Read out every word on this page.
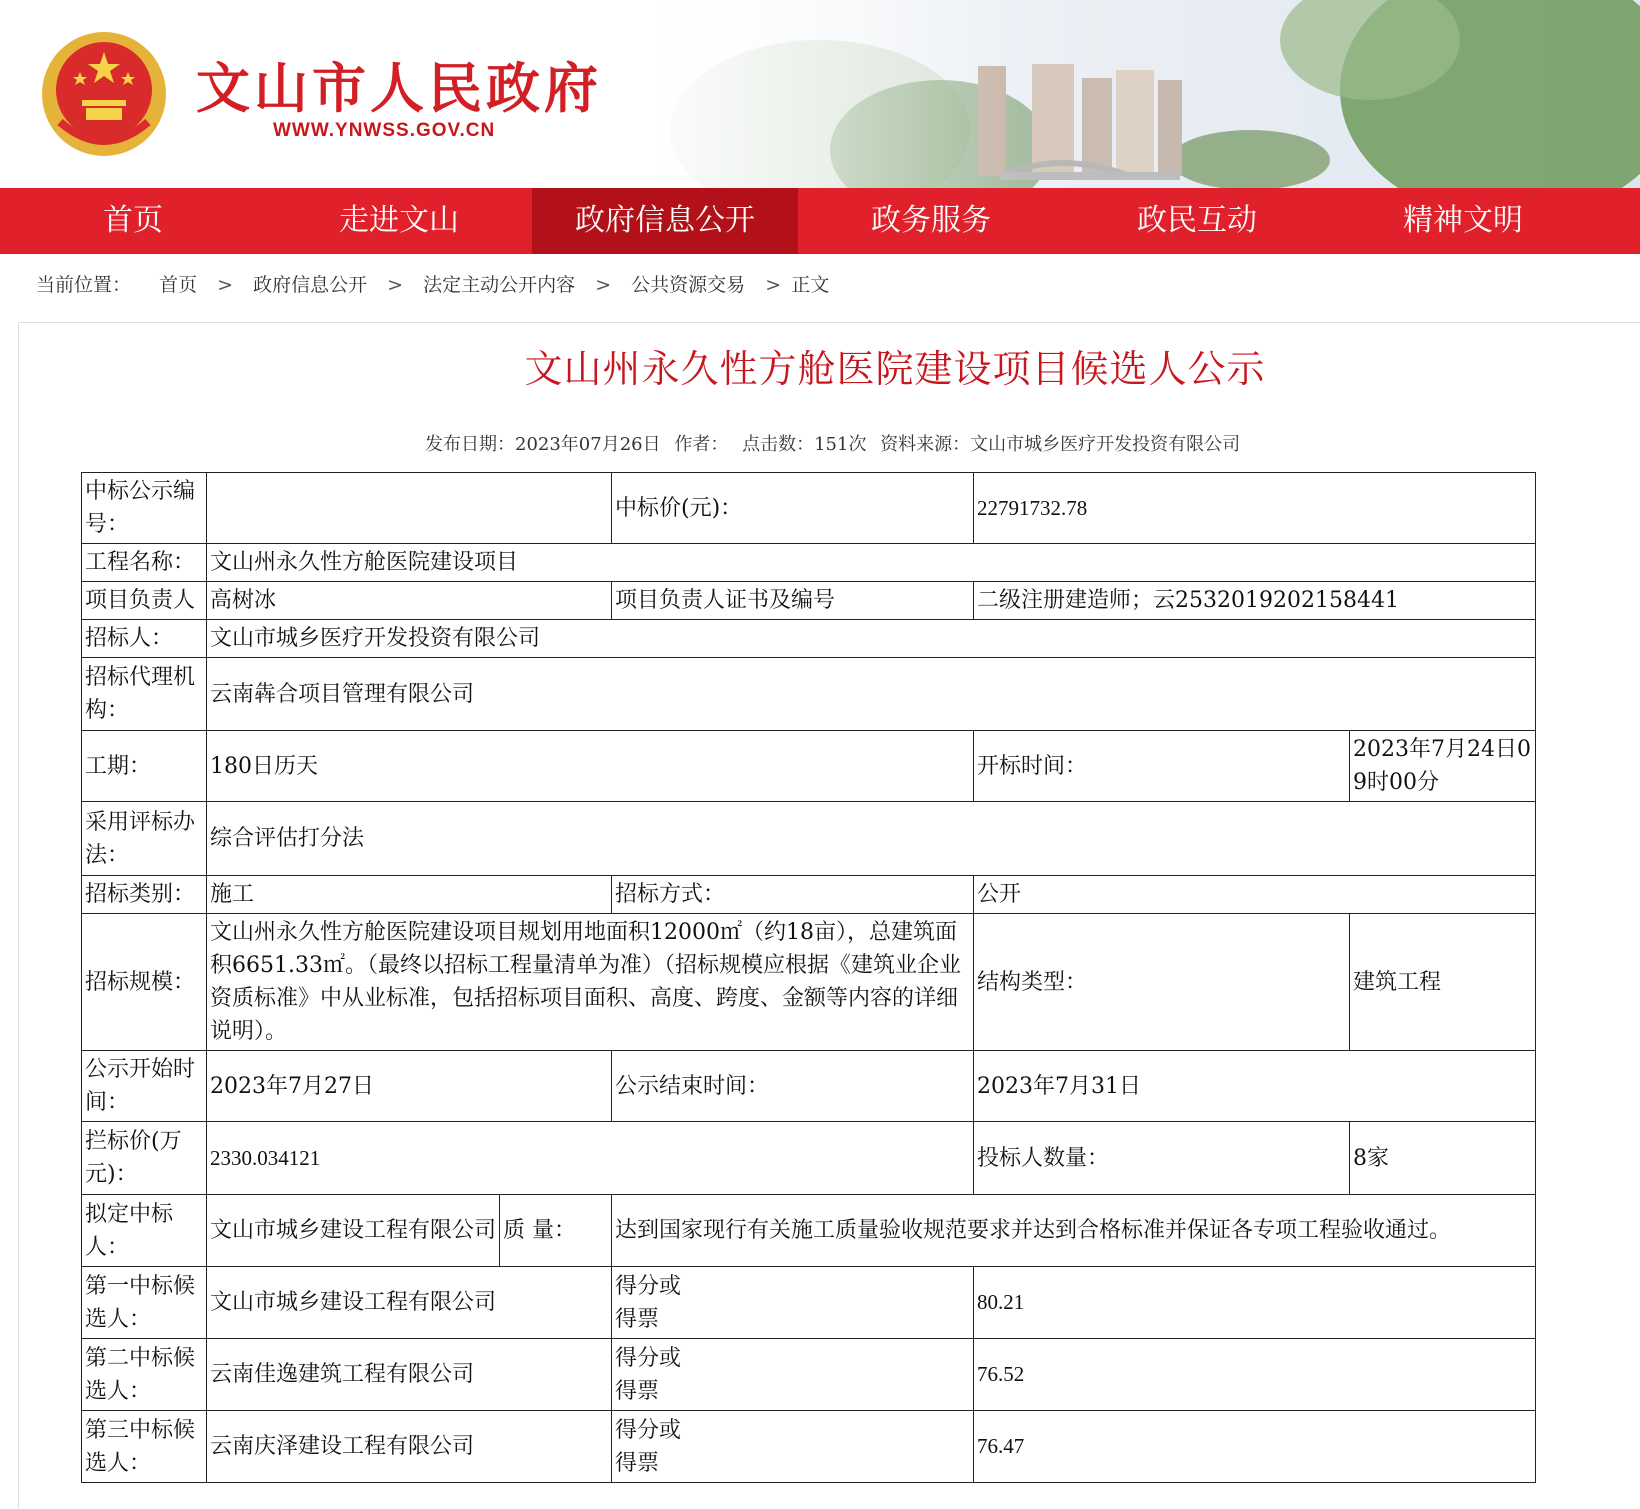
文山市人民政府
WWW.YNWSS.GOV.CN
首页	走进文山	政府信息公开	政务服务	政民互动	精神文明
当前位置： 首页 > 政府信息公开 > 法定主动公开内容 > 公共资源交易 > 正文
文山州永久性方舱医院建设项目候选人公示
发布日期：2023年07月26日 作者： 点击数：151次 资料来源：文山市城乡医疗开发投资有限公司
中标公示编号：			中标价(元)：	22791732.78	
工程名称：	文山州永久性方舱医院建设项目				
项目负责人	高树冰		项目负责人证书及编号	二级注册建造师；云2532019202158441	
招标人：	文山市城乡医疗开发投资有限公司				
招标代理机构：	云南犇合项目管理有限公司				
工期：	180日历天			开标时间：	2023年7月24日09时00分
采用评标办法：	综合评估打分法				
招标类别：	施工		招标方式：	公开	
招标规模：	文山州永久性方舱医院建设项目规划用地面积12000㎡（约18亩），总建筑面积6651.33㎡。（最终以招标工程量清单为准）（招标规模应根据《建筑业企业资质标准》中从业标准，包括招标项目面积、高度、跨度、金额等内容的详细说明）。			结构类型：	建筑工程
公示开始时间：	2023年7月27日		公示结束时间：	2023年7月31日	
拦标价(万元)：	2330.034121			投标人数量：	8家
拟定中标人：	文山市城乡建设工程有限公司	质 量：	达到国家现行有关施工质量验收规范要求并达到合格标准并保证各专项工程验收通过。		
第一中标候选人：	文山市城乡建设工程有限公司		得分或得票	80.21	
第二中标候选人：	云南佳逸建筑工程有限公司		得分或得票	76.52	
第三中标候选人：	云南庆泽建设工程有限公司		得分或得票	76.47	
